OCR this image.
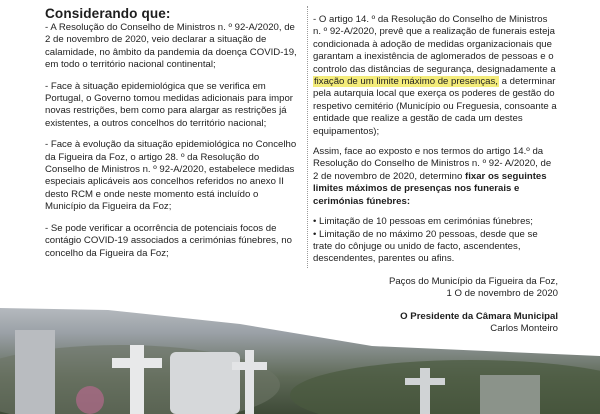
Considerando que:

- A Resolução do Conselho de Ministros n. º 92-A/2020, de 2 de novembro de 2020, veio declarar a situação de calamidade, no âmbito da pandemia da doença COVID-19, em todo o território nacional continental;

- Face à situação epidemiológica que se verifica em Portugal, o Governo tomou medidas adicionais para impor novas restrições, bem como para alargar as restrições já existentes, a outros concelhos do território nacional;

- Face à evolução da situação epidemiológica no Concelho da Figueira da Foz, o artigo 28. º da Resolução do Conselho de Ministros n. º 92-A/2020, estabelece medidas especiais aplicáveis aos concelhos referidos no anexo II desto RCM e onde neste momento está incluído o Município da Figueira da Foz;

- Se pode verificar a ocorrência de potenciais focos de contágio COVID-19 associados a cerimónias fúnebres, no concelho da Figueira da Foz;

- O artigo 14. º da Resolução do Conselho de Ministros n. º 92-A/2020, prevê que a realização de funerais esteja condicionada à adoção de medidas organizacionais que garantam a inexistência de aglomerados de pessoas e o controlo das distâncias de segurança, designadamente a fixação de um limite máximo de presenças, a determinar pela autarquia local que exerça os poderes de gestão do respetivo cemitério (Município ou Freguesia, consoante a entidade que realize a gestão de cada um destes equipamentos);

Assim, face ao exposto e nos termos do artigo 14.º da Resolução do Conselho de Ministros n. º 92- A/2020, de 2 de novembro de 2020, determino fixar os seguintes limites máximos de presenças nos funerais e cerimónias fúnebres:

• Limitação de 10 pessoas em cerimónias fúnebres;
• Limitação de no máximo 20 pessoas, desde que se trate do cônjuge ou unido de facto, ascendentes, descendentes, parentes ou afins.
Paços do Município da Figueira da Foz,
1 O de novembro de 2020
O Presidente da Câmara Municipal
Carlos Monteiro
